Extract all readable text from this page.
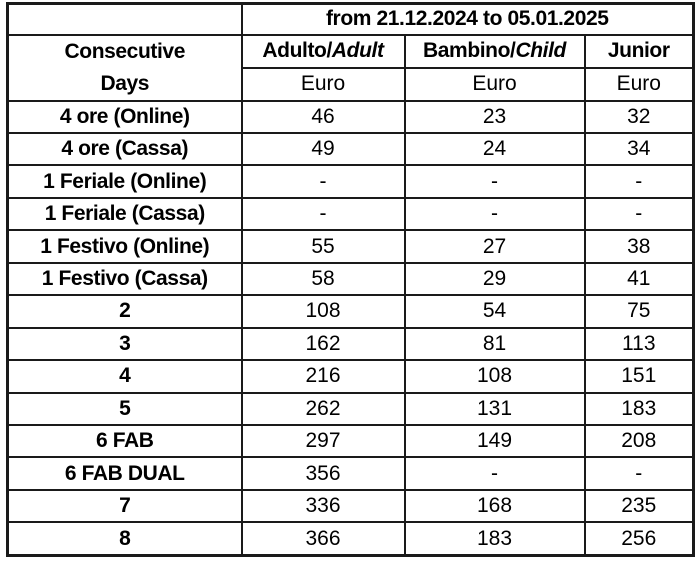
	from 21.12.2024 to 05.01.2025		

Consecutive
Days	Adulto/Adult	Bambino/Child	Junior
	Euro	Euro	Euro
4 ore (Online)	46	23	32
4 ore (Cassa)	49	24	34
1 Feriale (Online)	-	-	-
1 Feriale (Cassa)	-	-	-
1 Festivo (Online)	55	27	38
1 Festivo (Cassa)	58	29	41
2	108	54	75
3	162	81	113
4	216	108	151
5	262	131	183
6 FAB	297	149	208
6 FAB DUAL	356	-	-
7	336	168	235
8	366	183	256
